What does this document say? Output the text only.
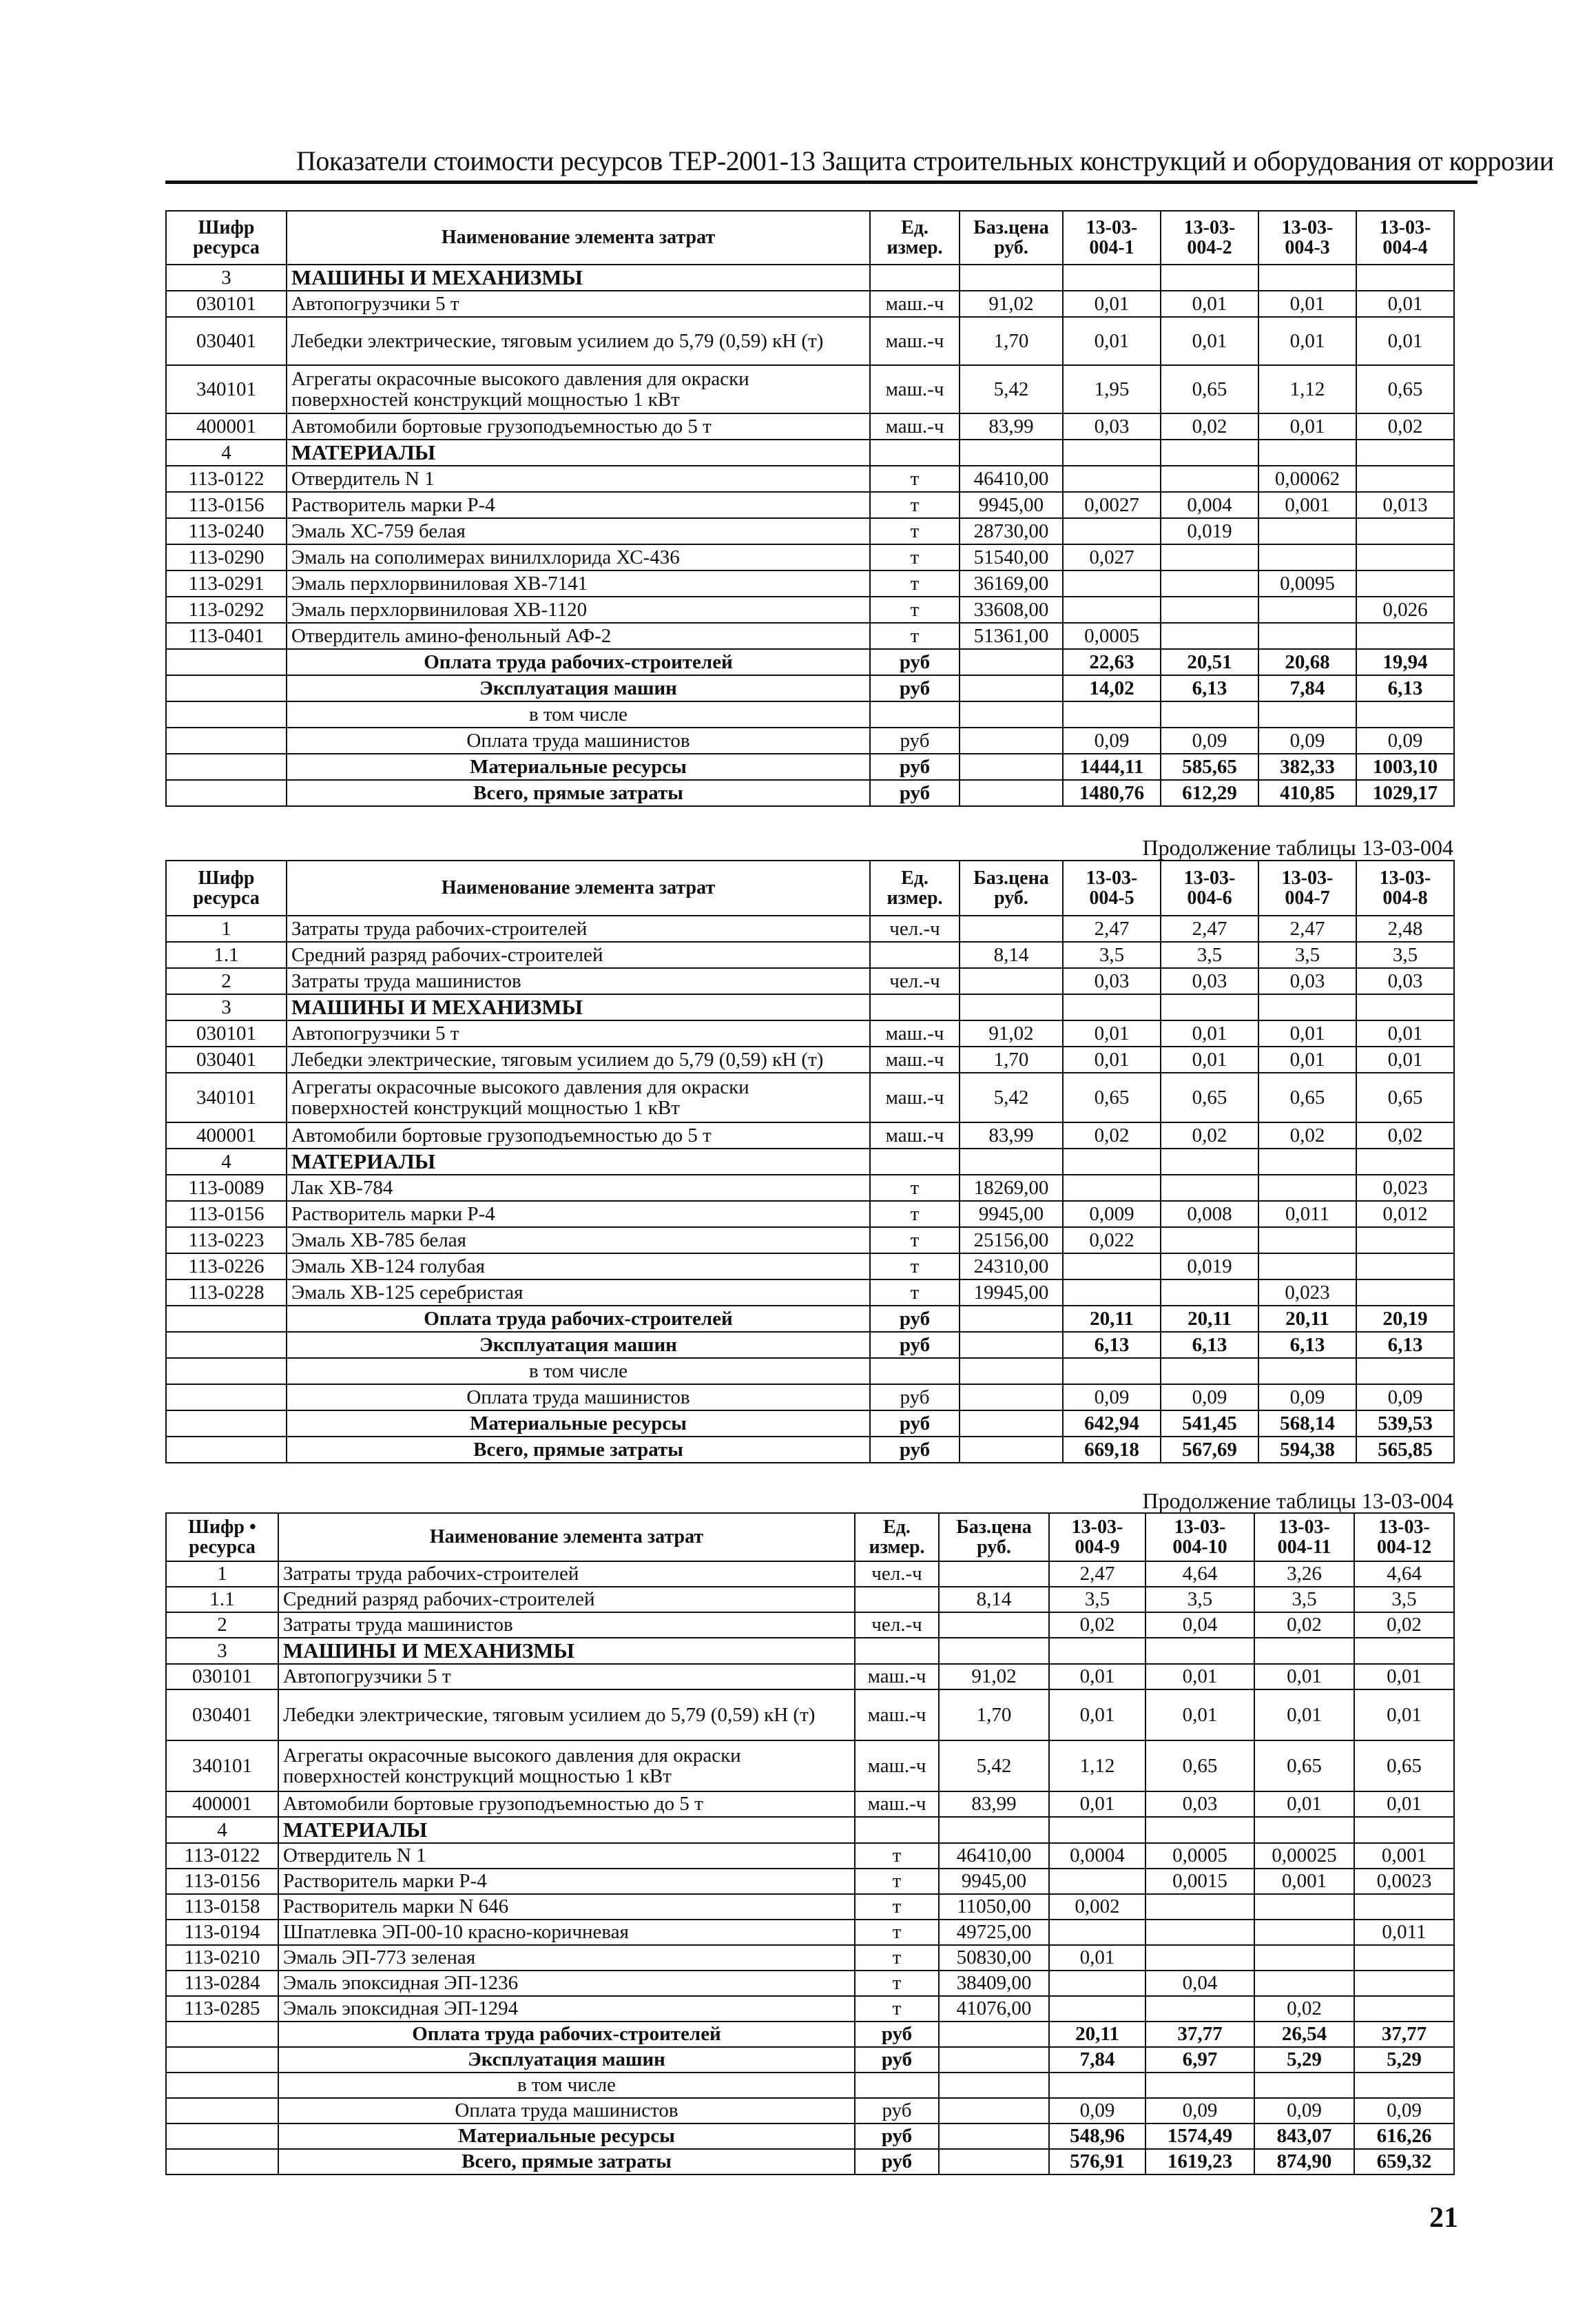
Показатели стоимости ресурсов ТЕР-2001-13 Защита строительных конструкций и оборудования от коррозии
Шифр
ресурса	Наименование элемента затрат	Ед.
измер.	Баз.цена
руб.	13-03-
004-1	13-03-
004-2	13-03-
004-3	13-03-
004-4

3	МАШИНЫ И МЕХАНИЗМЫ						
030101	Автопогрузчики 5 т	маш.-ч	91,02	0,01	0,01	0,01	0,01
030401	Лебедки электрические, тяговым усилием до 5,79 (0,59) кН (т)	маш.-ч	1,70	0,01	0,01	0,01	0,01
340101	Агрегаты окрасочные высокого давления для окраски поверхностей конструкций мощностью 1 кВт	маш.-ч	5,42	1,95	0,65	1,12	0,65
400001	Автомобили бортовые грузоподъемностью до 5 т	маш.-ч	83,99	0,03	0,02	0,01	0,02
4	МАТЕРИАЛЫ						
113-0122	Отвердитель N 1	т	46410,00			0,00062	
113-0156	Растворитель марки Р-4	т	9945,00	0,0027	0,004	0,001	0,013
113-0240	Эмаль ХС-759 белая	т	28730,00		0,019		
113-0290	Эмаль на сополимерах винилхлорида ХС-436	т	51540,00	0,027			
113-0291	Эмаль перхлорвиниловая ХВ-7141	т	36169,00			0,0095	
113-0292	Эмаль перхлорвиниловая ХВ-1120	т	33608,00				0,026
113-0401	Отвердитель амино-фенольный АФ-2	т	51361,00	0,0005			
	Оплата труда рабочих-строителей	руб		22,63	20,51	20,68	19,94
	Эксплуатация машин	руб		14,02	6,13	7,84	6,13
	в том числе						
	Оплата труда машинистов	руб		0,09	0,09	0,09	0,09
	Материальные ресурсы	руб		1444,11	585,65	382,33	1003,10
	Всего, прямые затраты	руб		1480,76	612,29	410,85	1029,17
Продолжение таблицы 13-03-004
Шифр
ресурса	Наименование элемента затрат	Ед.
измер.	Баз.цена
руб.	13-03-
004-5	13-03-
004-6	13-03-
004-7	13-03-
004-8

1	Затраты труда рабочих-строителей	чел.-ч		2,47	2,47	2,47	2,48
1.1	Средний разряд рабочих-строителей		8,14	3,5	3,5	3,5	3,5
2	Затраты труда машинистов	чел.-ч		0,03	0,03	0,03	0,03
3	МАШИНЫ И МЕХАНИЗМЫ						
030101	Автопогрузчики 5 т	маш.-ч	91,02	0,01	0,01	0,01	0,01
030401	Лебедки электрические, тяговым усилием до 5,79 (0,59) кН (т)	маш.-ч	1,70	0,01	0,01	0,01	0,01
340101	Агрегаты окрасочные высокого давления для окраски поверхностей конструкций мощностью 1 кВт	маш.-ч	5,42	0,65	0,65	0,65	0,65
400001	Автомобили бортовые грузоподъемностью до 5 т	маш.-ч	83,99	0,02	0,02	0,02	0,02
4	МАТЕРИАЛЫ						
113-0089	Лак ХВ-784	т	18269,00				0,023
113-0156	Растворитель марки Р-4	т	9945,00	0,009	0,008	0,011	0,012
113-0223	Эмаль ХВ-785 белая	т	25156,00	0,022			
113-0226	Эмаль ХВ-124 голубая	т	24310,00		0,019		
113-0228	Эмаль ХВ-125 серебристая	т	19945,00			0,023	
	Оплата труда рабочих-строителей	руб		20,11	20,11	20,11	20,19
	Эксплуатация машин	руб		6,13	6,13	6,13	6,13
	в том числе						
	Оплата труда машинистов	руб		0,09	0,09	0,09	0,09
	Материальные ресурсы	руб		642,94	541,45	568,14	539,53
	Всего, прямые затраты	руб		669,18	567,69	594,38	565,85
Продолжение таблицы 13-03-004
Шифр •
ресурса	Наименование элемента затрат	Ед.
измер.	Баз.цена
руб.	13-03-
004-9	13-03-
004-10	13-03-
004-11	13-03-
004-12

1	Затраты труда рабочих-строителей	чел.-ч		2,47	4,64	3,26	4,64
1.1	Средний разряд рабочих-строителей		8,14	3,5	3,5	3,5	3,5
2	Затраты труда машинистов	чел.-ч		0,02	0,04	0,02	0,02
3	МАШИНЫ И МЕХАНИЗМЫ						
030101	Автопогрузчики 5 т	маш.-ч	91,02	0,01	0,01	0,01	0,01
030401	Лебедки электрические, тяговым усилием до 5,79 (0,59) кН (т)	маш.-ч	1,70	0,01	0,01	0,01	0,01
340101	Агрегаты окрасочные высокого давления для окраски поверхностей конструкций мощностью 1 кВт	маш.-ч	5,42	1,12	0,65	0,65	0,65
400001	Автомобили бортовые грузоподъемностью до 5 т	маш.-ч	83,99	0,01	0,03	0,01	0,01
4	МАТЕРИАЛЫ						
113-0122	Отвердитель N 1	т	46410,00	0,0004	0,0005	0,00025	0,001
113-0156	Растворитель марки Р-4	т	9945,00		0,0015	0,001	0,0023
113-0158	Растворитель марки N 646	т	11050,00	0,002			
113-0194	Шпатлевка ЭП-00-10 красно-коричневая	т	49725,00				0,011
113-0210	Эмаль ЭП-773 зеленая	т	50830,00	0,01			
113-0284	Эмаль эпоксидная ЭП-1236	т	38409,00		0,04		
113-0285	Эмаль эпоксидная ЭП-1294	т	41076,00			0,02	
	Оплата труда рабочих-строителей	руб		20,11	37,77	26,54	37,77
	Эксплуатация машин	руб		7,84	6,97	5,29	5,29
	в том числе						
	Оплата труда машинистов	руб		0,09	0,09	0,09	0,09
	Материальные ресурсы	руб		548,96	1574,49	843,07	616,26
	Всего, прямые затраты	руб		576,91	1619,23	874,90	659,32
21
